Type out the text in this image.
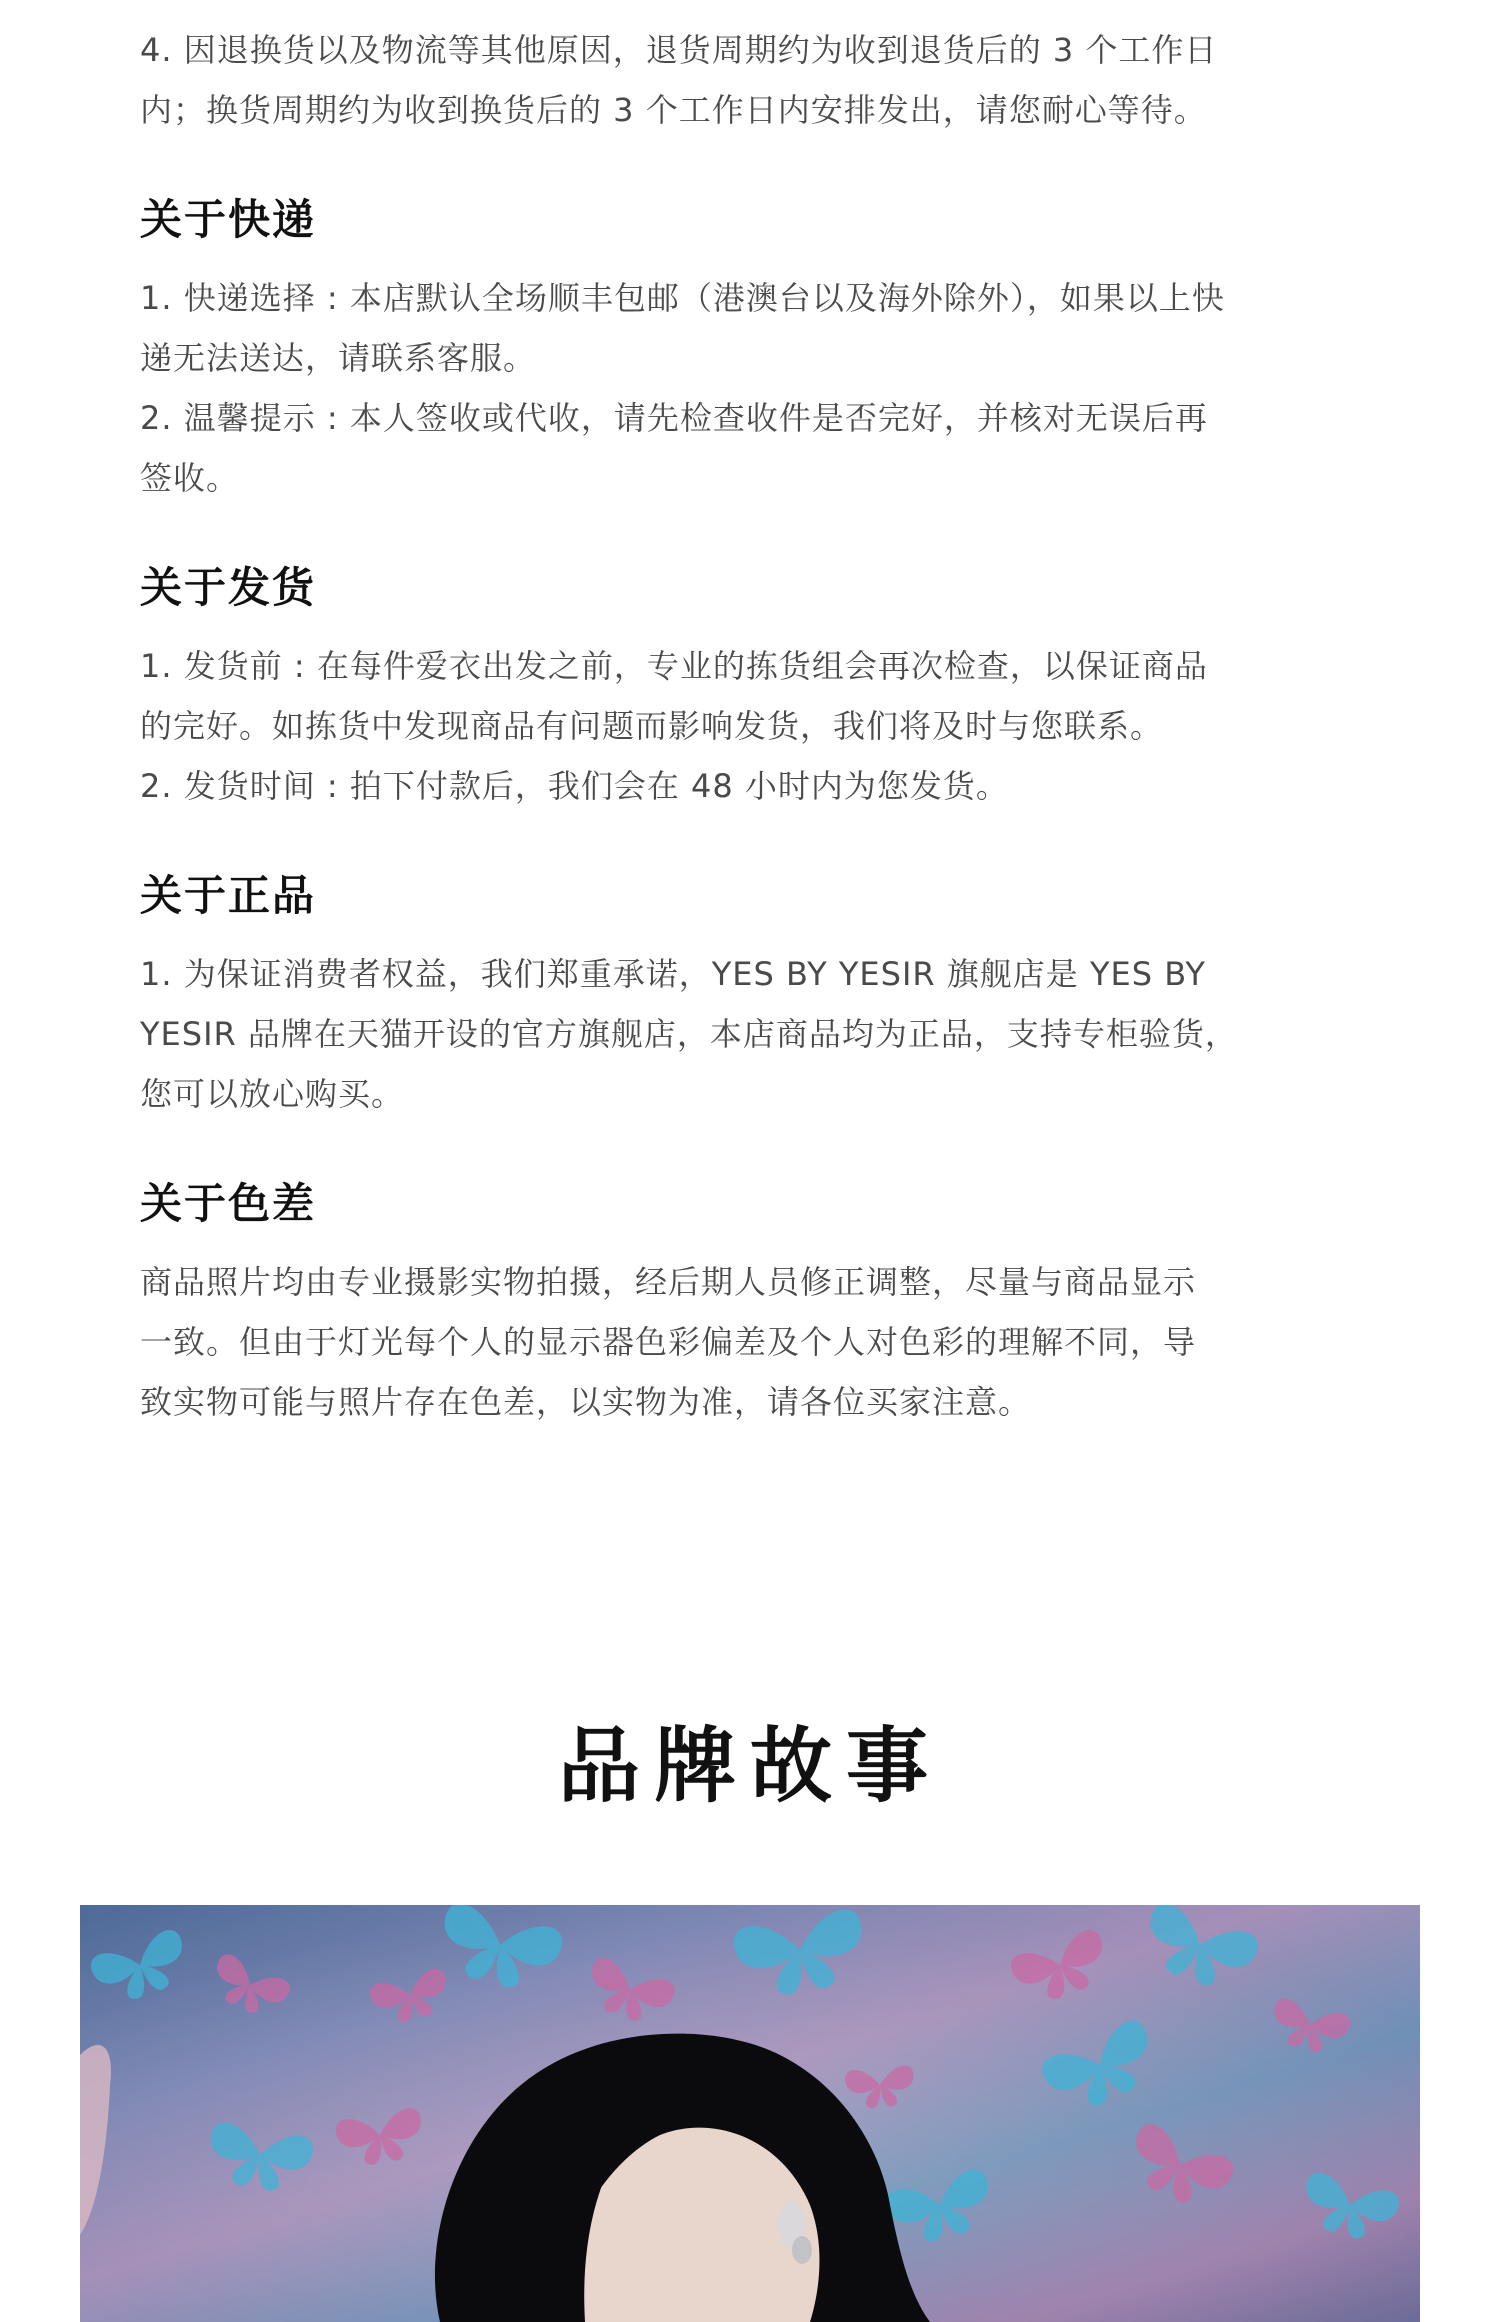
4. 因退换货以及物流等其他原因，退货周期约为收到退货后的 3 个工作日

内；换货周期约为收到换货后的 3 个工作日内安排发出，请您耐心等待。

关于快递

1. 快递选择 : 本店默认全场顺丰包邮（港澳台以及海外除外），如果以上快

递无法送达，请联系客服。

2. 温馨提示 : 本人签收或代收，请先检查收件是否完好，并核对无误后再

签收。

关于发货

1. 发货前 : 在每件爱衣出发之前，专业的拣货组会再次检查，以保证商品

的完好。如拣货中发现商品有问题而影响发货，我们将及时与您联系。

2. 发货时间 : 拍下付款后，我们会在 48 小时内为您发货。

关于正品

1. 为保证消费者权益，我们郑重承诺，YES BY YESIR 旗舰店是 YES BY

YESIR 品牌在天猫开设的官方旗舰店，本店商品均为正品，支持专柜验货，

您可以放心购买。

关于色差

商品照片均由专业摄影实物拍摄，经后期人员修正调整，尽量与商品显示

一致。但由于灯光每个人的显示器色彩偏差及个人对色彩的理解不同，导

致实物可能与照片存在色差，以实物为准，请各位买家注意。

品牌故事
